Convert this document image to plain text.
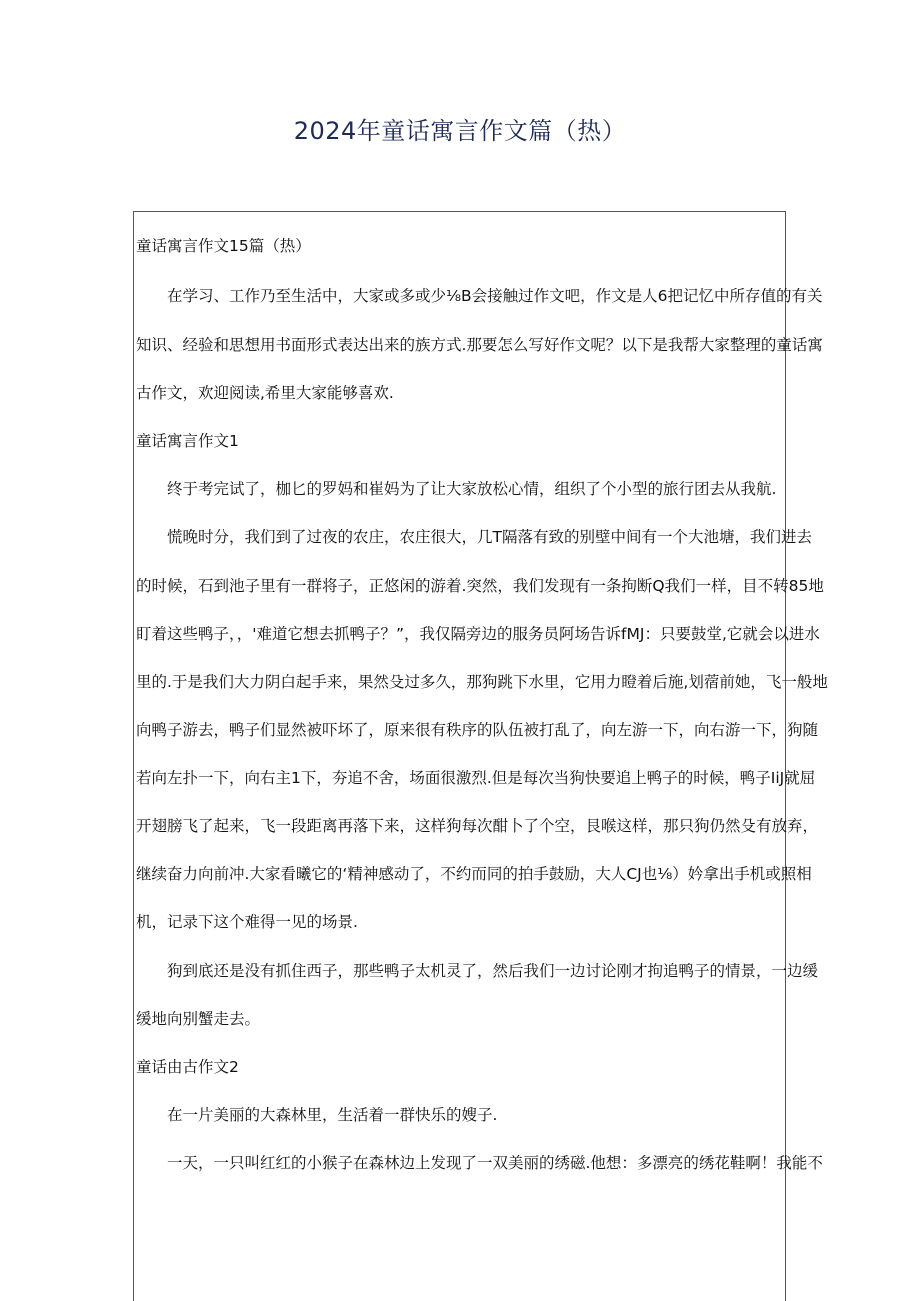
2024年童话寓言作文篇（热）
童话寓言作文15篇（热）
在学习、工作乃至生活中，大家或多或少⅛B会接触过作文吧，作文是人6把记忆中所存值的有关
知识、经验和思想用书面形式表达出来的族方式.那要怎么写好作文呢？以下是我帮大家整理的童话寓
古作文，欢迎阅读,希里大家能够喜欢.
童话寓言作文1
终于考完试了，枷匕的罗妈和崔妈为了让大家放松心情，组织了个小型的旅行团去从我航.
慌晚时分，我们到了过夜的农庄，农庄很大，几T隔落有致的别壁中间有一个大池塘，我们进去
的时候，石到池子里有一群将子，正悠闲的游着.突然，我们发现有一条拘断Q我们一样，目不转85地
盯着这些鸭子，，'难道它想去抓鸭子？”，我仅隔旁边的服务员阿场告诉fMJ：只要鼓堂,它就会以进水
里的.于是我们大力阴白起手来，果然殳过多久，那狗跳下水里，它用力瞪着后施,划蓿前她，飞一般地
向鸭子游去，鸭子们显然被吓坏了，原来很有秩序的队伍被打乱了，向左游一下，向右游一下，狗随
若向左扑一下，向右主1下，夯追不舍，场面很激烈.但是每次当狗快要追上鸭子的时候，鸭子IiJ就屈
开翅膀飞了起来，飞一段距离再落下来，这样狗每次酣卜了个空，艮喉这样，那只狗仍然殳有放弃，
继续奋力向前冲.大家看曦它的‘精神感动了，不约而同的拍手鼓励，大人CJ也⅛）妗拿出手机或照相
机，记录下这个难得一见的场景.
狗到底还是没有抓住西子，那些鸭子太机灵了，然后我们一边讨论刚才拘追鸭子的情景，一边缓
缓地向别蟹走去。
童话由古作文2
在一片美丽的大森林里，生活着一群快乐的嫂子.
一天，一只叫红红的小猴子在森林边上发现了一双美丽的绣磁.他想：多漂亮的绣花鞋啊！我能不
